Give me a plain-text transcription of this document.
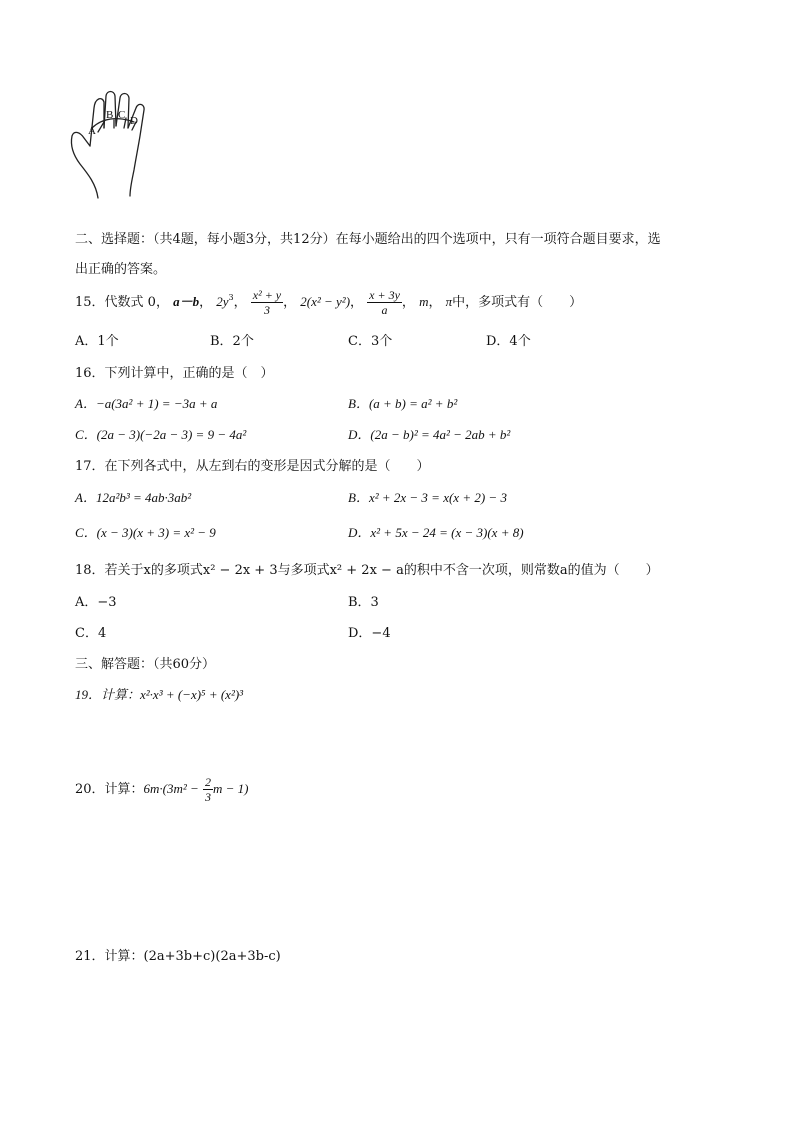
A
B C D
二、选择题：（共4题，每小题3分，共12分）在每小题给出的四个选项中，只有一项符合题目要求，选
出正确的答案。
15．代数式 0， a－b， $2y^3$， $\frac{\text{x² + y}}{3}$ ， 2(x² − y²)， $\frac{x + 3y}{a}$ ， m， π中，多项式有（　　）
A．1个	B．2个	C．3个	D．4个
16．下列计算中，正确的是（　）
A．−a(3a² + 1) = −3a + a	B．(a + b) = a² + b²
C．(2a − 3)(−2a − 3) = 9 − 4a²	D．(2a − b)² = 4a² − 2ab + b²
17．在下列各式中，从左到右的变形是因式分解的是（　　）
A．12a²b³ = 4ab·3ab²	B．x² + 2x − 3 = x(x + 2) − 3
C．(x − 3)(x + 3) = x² − 9	D．x² + 5x − 24 = (x − 3)(x + 8)
18．若关于x的多项式x² − 2x + 3与多项式x² + 2x − a的积中不含一次项，则常数a的值为（　　）
A．−3	B．3
C．4	D．−4
三、解答题：（共60分）
19．计算：x²·x³ + (−x)⁵ + (x²)³
20．计算：$6m\cdot(3m^2 - \frac{2}{3}$ m − 1)
21．计算：(2a+3b+c)(2a+3b-c)
